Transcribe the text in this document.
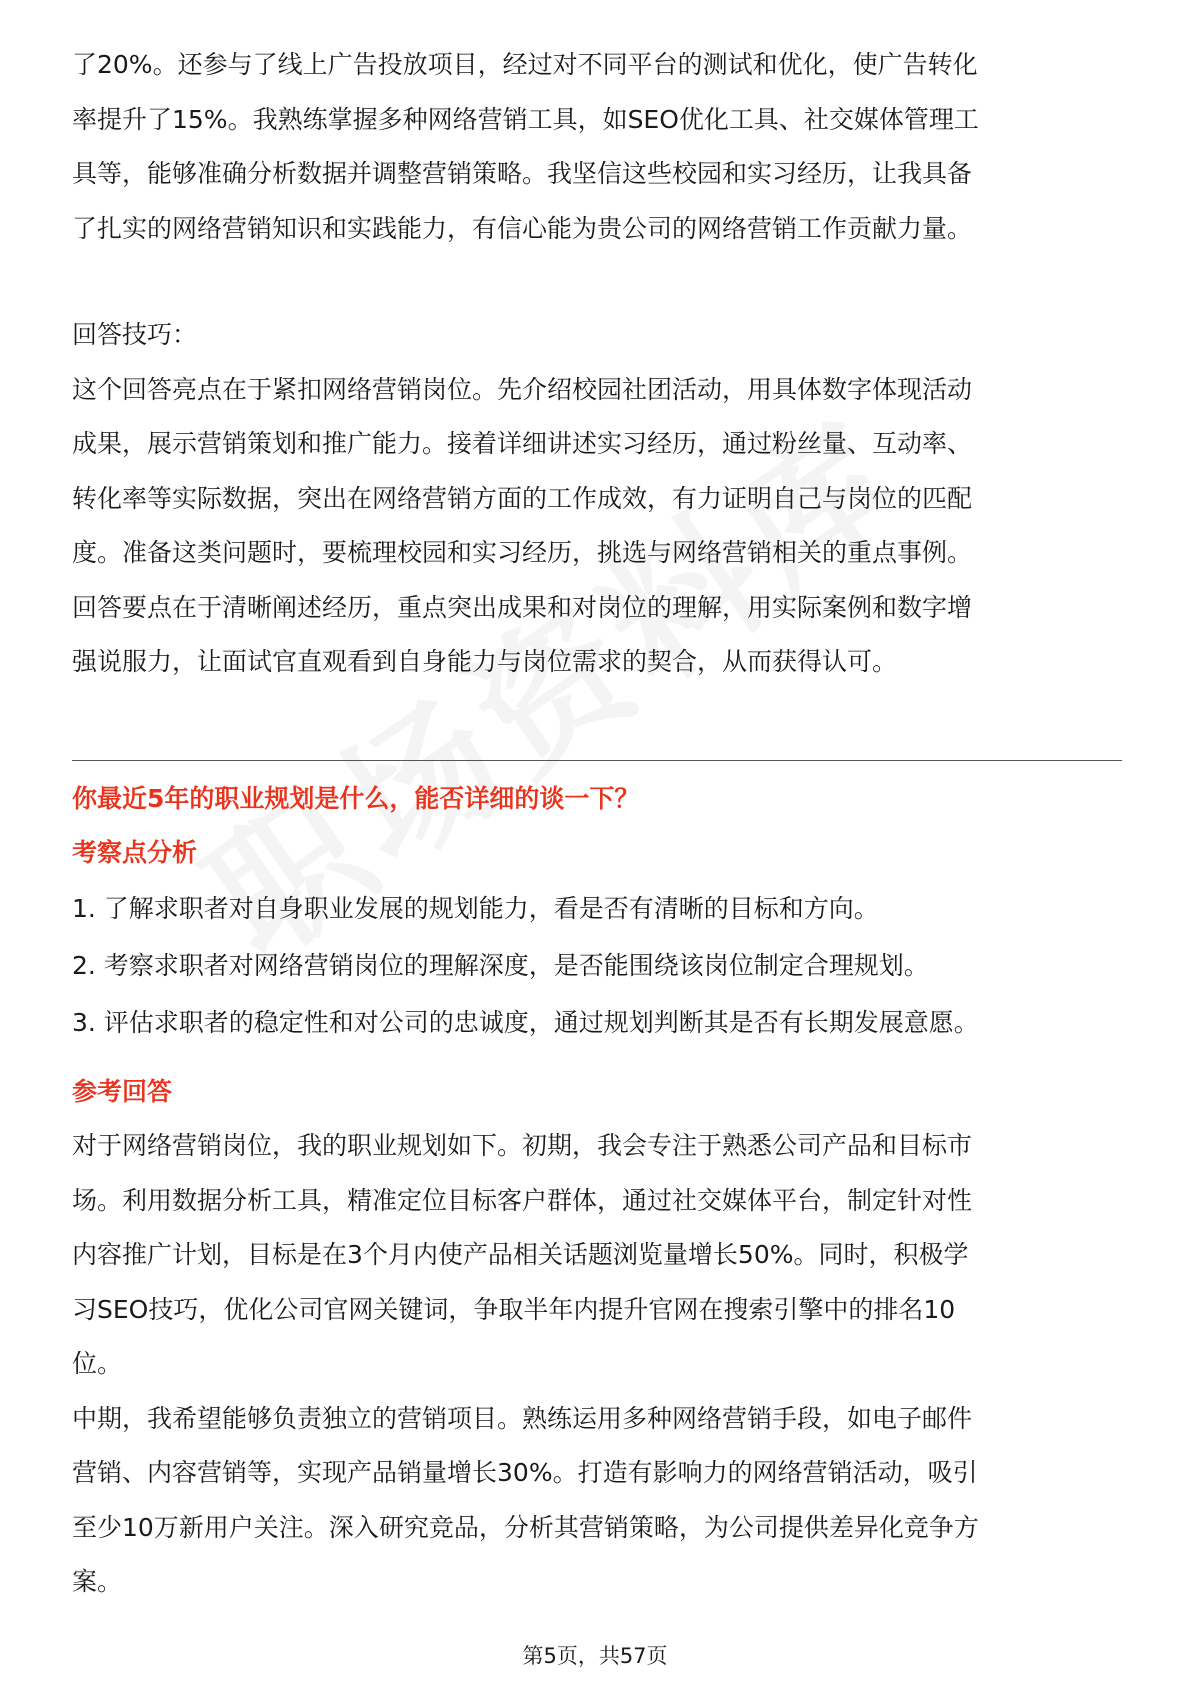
了20%。还参与了线上广告投放项目，经过对不同平台的测试和优化，使广告转化

率提升了15%。我熟练掌握多种网络营销工具，如SEO优化工具、社交媒体管理工

具等，能够准确分析数据并调整营销策略。我坚信这些校园和实习经历，让我具备

了扎实的网络营销知识和实践能力，有信心能为贵公司的网络营销工作贡献力量。

回答技巧：

这个回答亮点在于紧扣网络营销岗位。先介绍校园社团活动，用具体数字体现活动

成果，展示营销策划和推广能力。接着详细讲述实习经历，通过粉丝量、互动率、

转化率等实际数据，突出在网络营销方面的工作成效，有力证明自己与岗位的匹配

度。准备这类问题时，要梳理校园和实习经历，挑选与网络营销相关的重点事例。

回答要点在于清晰阐述经历，重点突出成果和对岗位的理解，用实际案例和数字增

强说服力，让面试官直观看到自身能力与岗位需求的契合，从而获得认可。

你最近5年的职业规划是什么，能否详细的谈一下？

考察点分析

1. 了解求职者对自身职业发展的规划能力，看是否有清晰的目标和方向。

2. 考察求职者对网络营销岗位的理解深度，是否能围绕该岗位制定合理规划。

3. 评估求职者的稳定性和对公司的忠诚度，通过规划判断其是否有长期发展意愿。

参考回答

对于网络营销岗位，我的职业规划如下。初期，我会专注于熟悉公司产品和目标市

场。利用数据分析工具，精准定位目标客户群体，通过社交媒体平台，制定针对性

内容推广计划，目标是在3个月内使产品相关话题浏览量增长50%。同时，积极学

习SEO技巧，优化公司官网关键词，争取半年内提升官网在搜索引擎中的排名10

位。

中期，我希望能够负责独立的营销项目。熟练运用多种网络营销手段，如电子邮件

营销、内容营销等，实现产品销量增长30%。打造有影响力的网络营销活动，吸引

至少10万新用户关注。深入研究竞品，分析其营销策略，为公司提供差异化竞争方

案。

第5页，共57页
